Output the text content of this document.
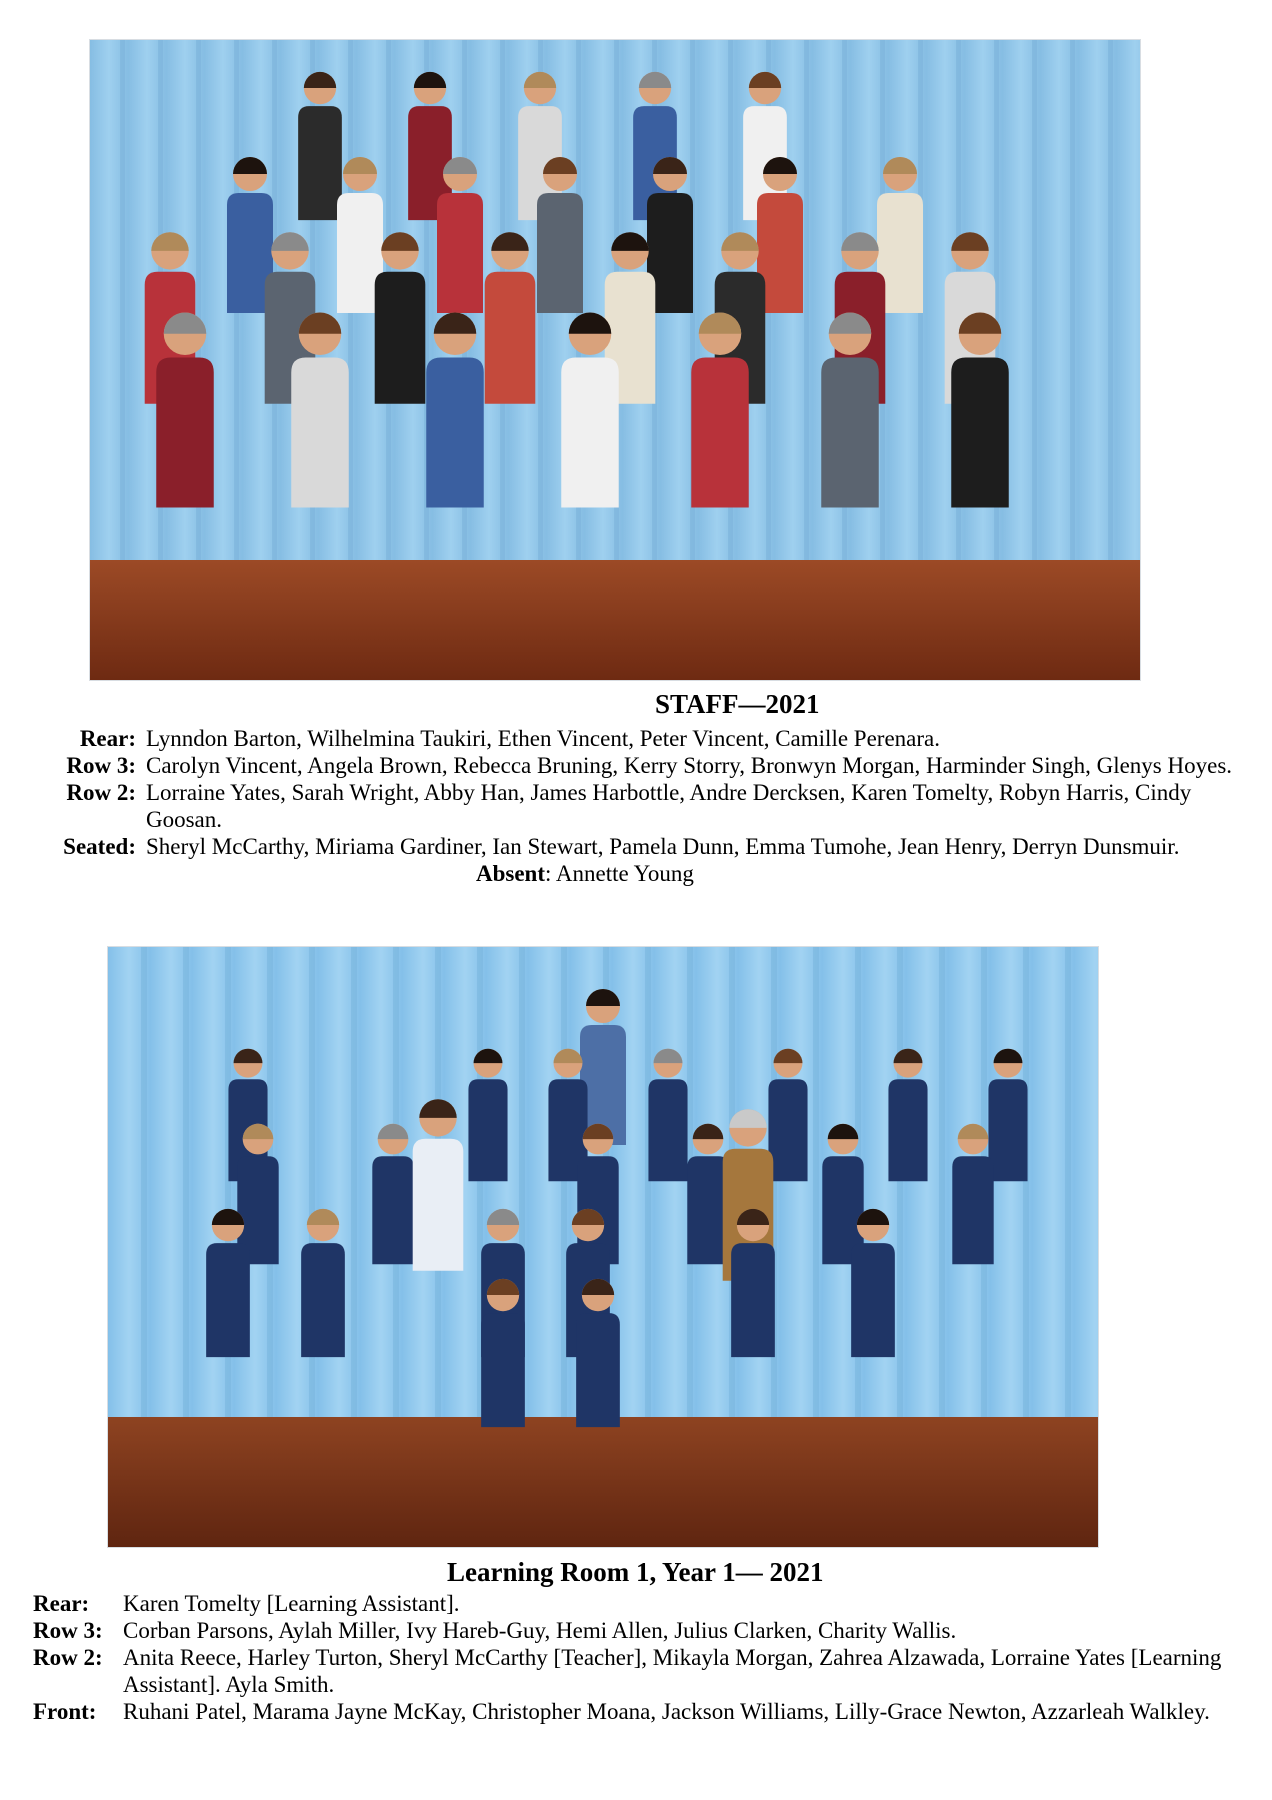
STAFF—2021
Rear: Lynndon Barton, Wilhelmina Taukiri, Ethen Vincent, Peter Vincent, Camille Perenara.
Row 3: Carolyn Vincent, Angela Brown, Rebecca Bruning, Kerry Storry, Bronwyn Morgan, Harminder Singh, Glenys Hoyes.
Row 2: Lorraine Yates, Sarah Wright, Abby Han, James Harbottle, Andre Dercksen, Karen Tomelty, Robyn Harris, Cindy Goosan.
Seated: Sheryl McCarthy, Miriama Gardiner, Ian Stewart, Pamela Dunn, Emma Tumohe, Jean Henry, Derryn Dunsmuir. Absent: Annette Young
Learning Room 1, Year 1— 2021
Rear:	Karen Tomelty [Learning Assistant].
Row 3: Corban Parsons, Aylah Miller, Ivy Hareb-Guy, Hemi Allen, Julius Clarken, Charity Wallis.
Row 2: Anita Reece, Harley Turton, Sheryl McCarthy [Teacher], Mikayla Morgan, Zahrea Alzawada, Lorraine Yates [Learning Assistant]. Ayla Smith.
Front:	Ruhani Patel, Marama Jayne McKay, Christopher Moana, Jackson Williams, Lilly-Grace Newton, Azzarleah Walkley.
